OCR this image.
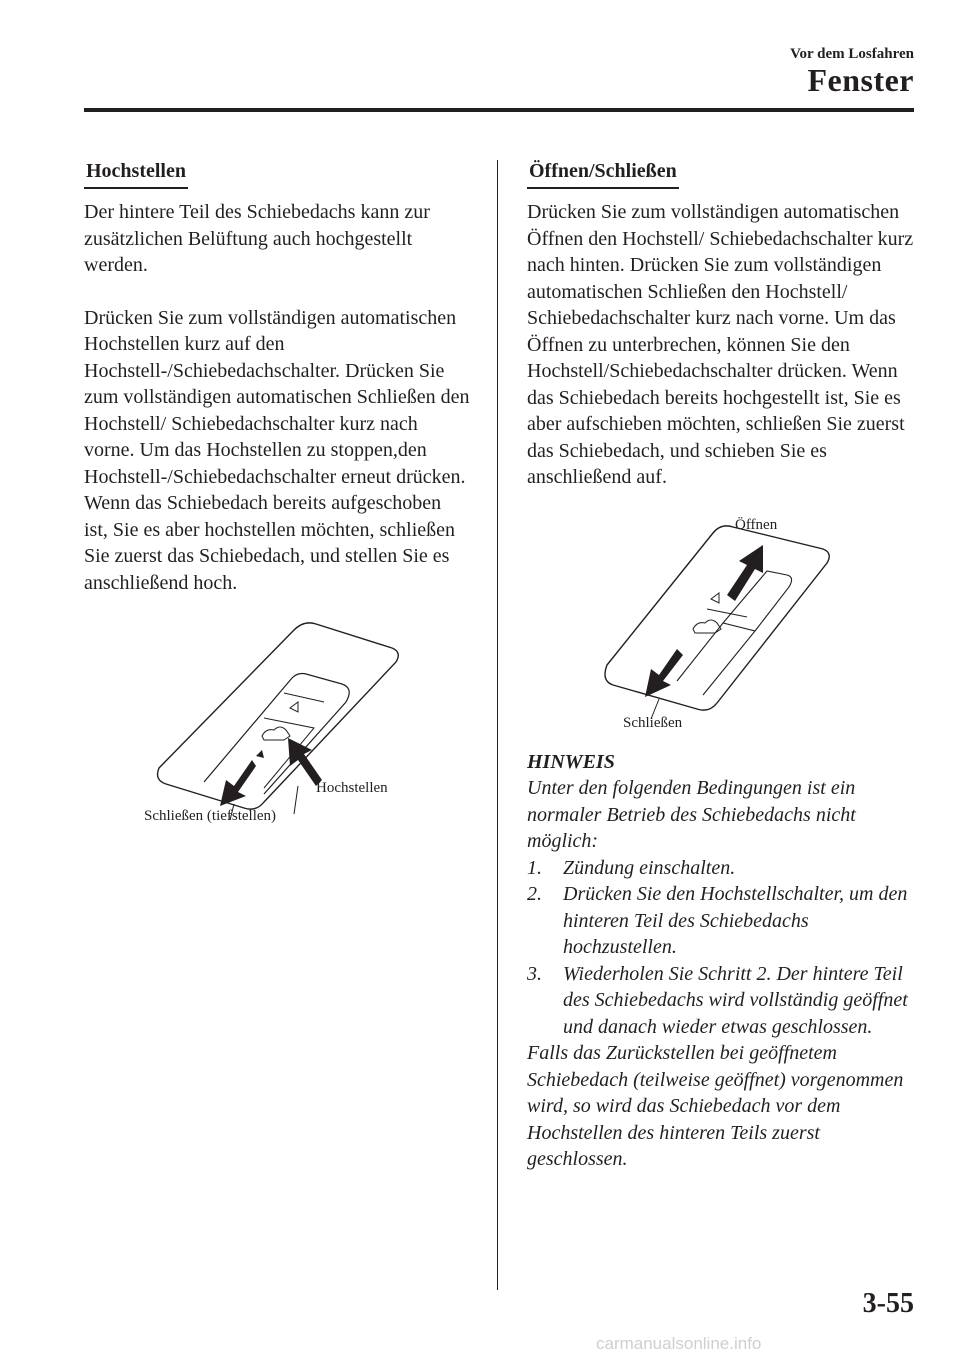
Vor dem Losfahren
Fenster
Hochstellen

Der hintere Teil des Schiebedachs kann zur zusätzlichen Belüftung auch hochgestellt werden.

Drücken Sie zum vollständigen automatischen Hochstellen kurz auf den Hochstell-/Schiebedachschalter. Drücken Sie zum vollständigen automatischen Schließen den Hochstell/ Schiebedachschalter kurz nach vorne. Um das Hochstellen zu stoppen,den Hochstell-/Schiebedachschalter erneut drücken. Wenn das Schiebedach bereits aufgeschoben ist, Sie es aber hochstellen möchten, schließen Sie zuerst das Schiebedach, und stellen Sie es anschließend hoch.

Schließen (tiefstellen)
Hochstellen
Öffnen/Schließen

Drücken Sie zum vollständigen automatischen Öffnen den Hochstell/ Schiebedachschalter kurz nach hinten. Drücken Sie zum vollständigen automatischen Schließen den Hochstell/ Schiebedachschalter kurz nach vorne. Um das Öffnen zu unterbrechen, können Sie den Hochstell/Schiebedachschalter drücken. Wenn das Schiebedach bereits hochgestellt ist, Sie es aber aufschieben möchten, schließen Sie zuerst das Schiebedach, und schieben Sie es anschließend auf.

Öffnen
Schließen
HINWEIS
Unter den folgenden Bedingungen ist ein normaler Betrieb des Schiebedachs nicht möglich:
1.	Zündung einschalten.
2.	Drücken Sie den Hochstellschalter, um den hinteren Teil des Schiebedachs hochzustellen.
3.	Wiederholen Sie Schritt 2. Der hintere Teil des Schiebedachs wird vollständig geöffnet und danach wieder etwas geschlossen.
Falls das Zurückstellen bei geöffnetem Schiebedach (teilweise geöffnet) vorgenommen wird, so wird das Schiebedach vor dem Hochstellen des hinteren Teils zuerst geschlossen.
3-55
carmanualsonline.info
